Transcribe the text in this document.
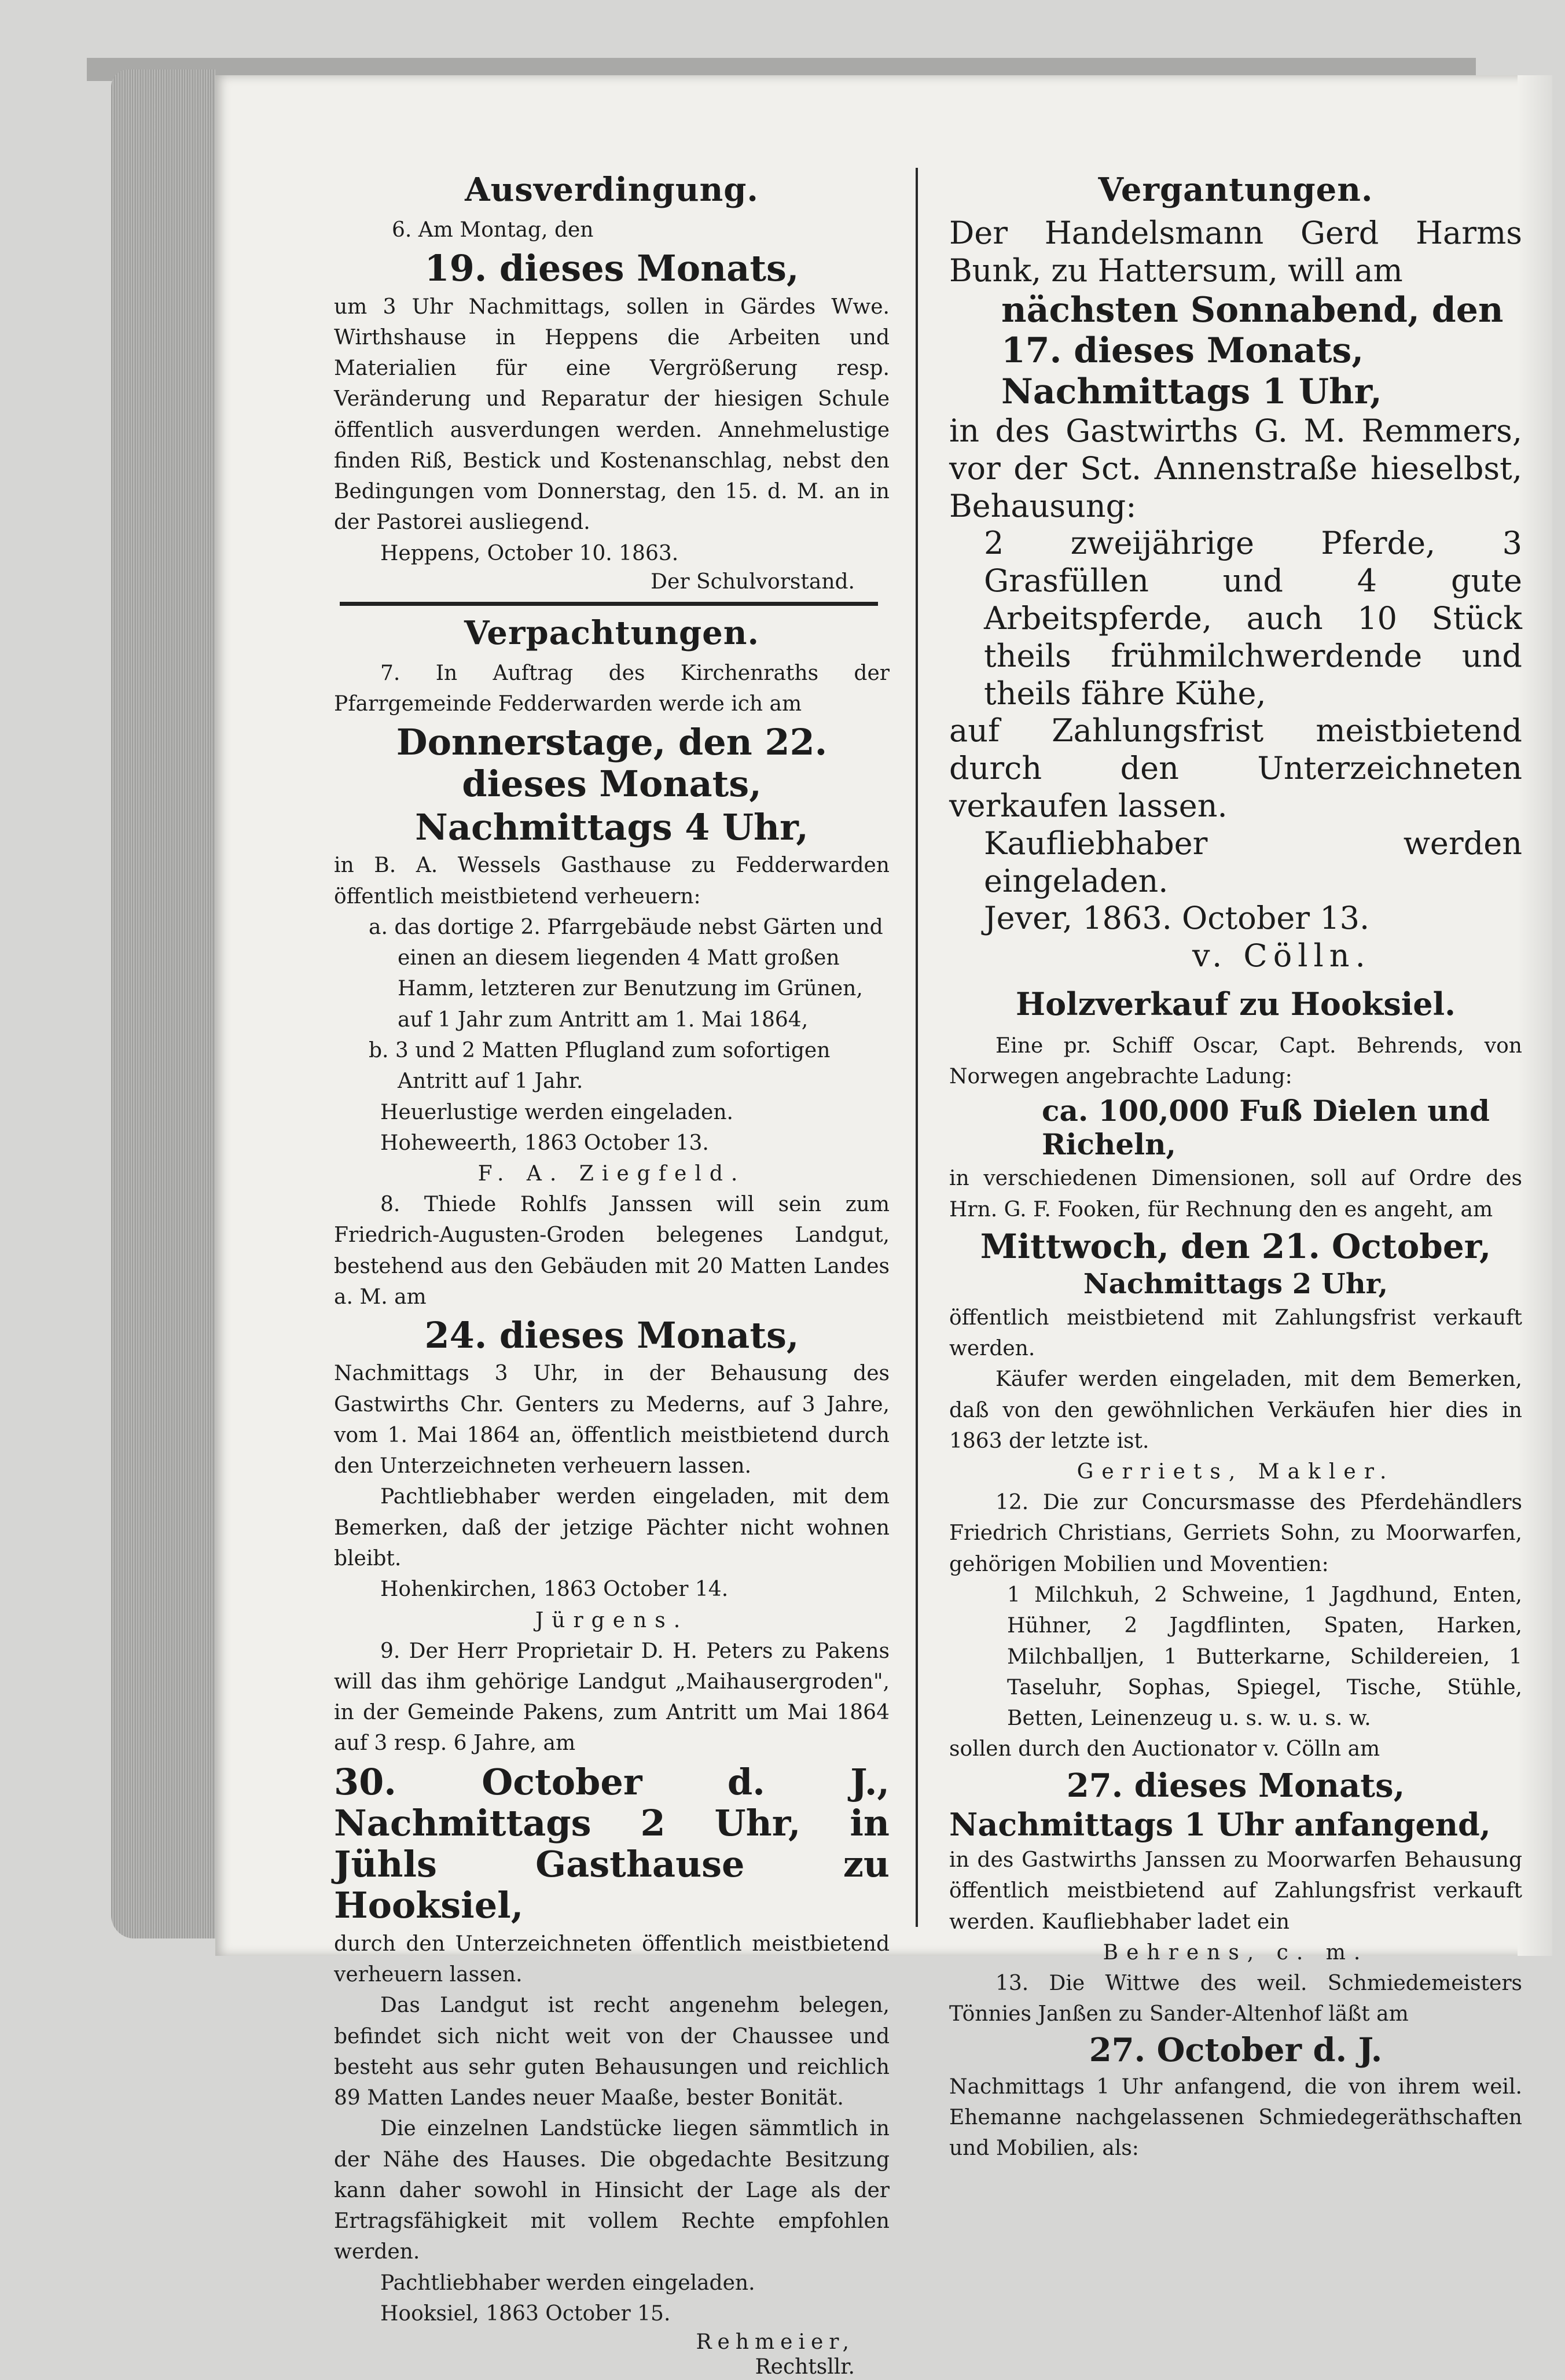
Ausverdingung.

6. Am Montag, den

19. dieses Monats,

um 3 Uhr Nachmittags, sollen in Gärdes Wwe. Wirthshause in Heppens die Arbeiten und Materialien für eine Vergrößerung resp. Veränderung und Reparatur der hiesigen Schule öffentlich ausverdungen werden. Annehmelustige finden Riß, Bestick und Kostenanschlag, nebst den Bedingungen vom Donnerstag, den 15. d. M. an in der Pastorei ausliegend.

Heppens, October 10. 1863.

Der Schulvorstand.
Verpachtungen.

7. In Auftrag des Kirchenraths der Pfarrgemeinde Fedderwarden werde ich am

Donnerstage, den 22. dieses Monats,
Nachmittags 4 Uhr,

in B. A. Wessels Gasthause zu Fedderwarden öffentlich meistbietend verheuern:

a. das dortige 2. Pfarrgebäude nebst Gärten und einen an diesem liegenden 4 Matt großen Hamm, letzteren zur Benutzung im Grünen, auf 1 Jahr zum Antritt am 1. Mai 1864,

b. 3 und 2 Matten Pflugland zum sofortigen Antritt auf 1 Jahr.

Heuerlustige werden eingeladen.

Hoheweerth, 1863 October 13.

F. A. Ziegfeld.

8. Thiede Rohlfs Janssen will sein zum Friedrich-Augusten-Groden belegenes Landgut, bestehend aus den Gebäuden mit 20 Matten Landes a. M. am

24. dieses Monats,

Nachmittags 3 Uhr, in der Behausung des Gastwirths Chr. Genters zu Mederns, auf 3 Jahre, vom 1. Mai 1864 an, öffentlich meistbietend durch den Unterzeichneten verheuern lassen.

Pachtliebhaber werden eingeladen, mit dem Bemerken, daß der jetzige Pächter nicht wohnen bleibt.

Hohenkirchen, 1863 October 14.

Jürgens.

9. Der Herr Proprietair D. H. Peters zu Pakens will das ihm gehörige Landgut „Maihausergroden", in der Gemeinde Pakens, zum Antritt um Mai 1864 auf 3 resp. 6 Jahre, am

30. October d. J., Nachmittags 2 Uhr, in Jühls Gasthause zu Hooksiel,

durch den Unterzeichneten öffentlich meistbietend verheuern lassen.

Das Landgut ist recht angenehm belegen, befindet sich nicht weit von der Chaussee und besteht aus sehr guten Behausungen und reichlich 89 Matten Landes neuer Maaße, bester Bonität.

Die einzelnen Landstücke liegen sämmtlich in der Nähe des Hauses. Die obgedachte Besitzung kann daher sowohl in Hinsicht der Lage als der Ertragsfähigkeit mit vollem Rechte empfohlen werden.

Pachtliebhaber werden eingeladen.

Hooksiel, 1863 October 15.

Rehmeier,
Rechtsllr.
Vergantungen.

Der Handelsmann Gerd Harms Bunk, zu Hattersum, will am

nächsten Sonnabend, den 17. dieses Monats, Nachmittags 1 Uhr,

in des Gastwirths G. M. Remmers, vor der Sct. Annenstraße hieselbst, Behausung:

2 zweijährige Pferde, 3 Grasfüllen und 4 gute Arbeitspferde, auch 10 Stück theils frühmilchwerdende und theils fähre Kühe,

auf Zahlungsfrist meistbietend durch den Unterzeichneten verkaufen lassen.

Kaufliebhaber werden eingeladen.

Jever, 1863. October 13.

v. Cölln.

Holzverkauf zu Hooksiel.

Eine pr. Schiff Oscar, Capt. Behrends, von Norwegen angebrachte Ladung:

ca. 100,000 Fuß Dielen und Richeln,

in verschiedenen Dimensionen, soll auf Ordre des Hrn. G. F. Fooken, für Rechnung den es angeht, am

Mittwoch, den 21. October,
Nachmittags 2 Uhr,

öffentlich meistbietend mit Zahlungsfrist verkauft werden.

Käufer werden eingeladen, mit dem Bemerken, daß von den gewöhnlichen Verkäufen hier dies in 1863 der letzte ist.

Gerriets, Makler.

12. Die zur Concursmasse des Pferdehändlers Friedrich Christians, Gerriets Sohn, zu Moorwarfen, gehörigen Mobilien und Moventien:

1 Milchkuh, 2 Schweine, 1 Jagdhund, Enten, Hühner, 2 Jagdflinten, Spaten, Harken, Milchballjen, 1 Butterkarne, Schildereien, 1 Taseluhr, Sophas, Spiegel, Tische, Stühle, Betten, Leinenzeug u. s. w. u. s. w.

sollen durch den Auctionator v. Cölln am

27. dieses Monats,
Nachmittags 1 Uhr anfangend,

in des Gastwirths Janssen zu Moorwarfen Behausung öffentlich meistbietend auf Zahlungsfrist verkauft werden. Kaufliebhaber ladet ein

Behrens, c. m.

13. Die Wittwe des weil. Schmiedemeisters Tönnies Janßen zu Sander-Altenhof läßt am

27. October d. J.

Nachmittags 1 Uhr anfangend, die von ihrem weil. Ehemanne nachgelassenen Schmiedegeräthschaften und Mobilien, als:
